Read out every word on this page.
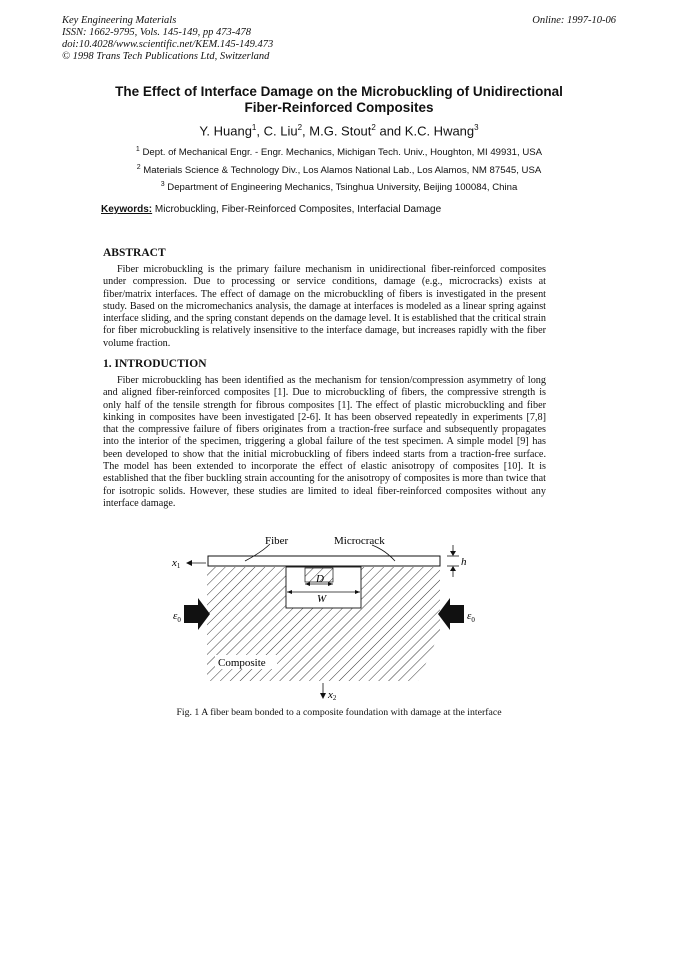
Key Engineering Materials
ISSN: 1662-9795, Vols. 145-149, pp 473-478
doi:10.4028/www.scientific.net/KEM.145-149.473
© 1998 Trans Tech Publications Ltd, Switzerland
Online: 1997-10-06
The Effect of Interface Damage on the Microbuckling of Unidirectional
Fiber-Reinforced Composites
Y. Huang$^1$, C. Liu$^2$, M.G. Stout$^2$ and K.C. Hwang$^3$
$^1$ Dept. of Mechanical Engr. - Engr. Mechanics, Michigan Tech. Univ., Houghton, MI 49931, USA
$^2$ Materials Science & Technology Div., Los Alamos National Lab., Los Alamos, NM 87545, USA
$^3$ Department of Engineering Mechanics, Tsinghua University, Beijing 100084, China
Keywords: Microbuckling, Fiber-Reinforced Composites, Interfacial Damage
ABSTRACT

Fiber microbuckling is the primary failure mechanism in unidirectional fiber-reinforced composites under compression. Due to processing or service conditions, damage (e.g., microcracks) exists at fiber/matrix interfaces. The effect of damage on the microbuckling of fibers is investigated in the present study. Based on the micromechanics analysis, the damage at interfaces is modeled as a linear spring against interface sliding, and the spring constant depends on the damage level. It is established that the critical strain for fiber microbuckling is relatively insensitive to the interface damage, but increases rapidly with the fiber volume fraction.

1. INTRODUCTION

Fiber microbuckling has been identified as the mechanism for tension/compression asymmetry of long and aligned fiber-reinforced composites [1]. Due to microbuckling of fibers, the compressive strength is only half of the tensile strength for fibrous composites [1]. The effect of plastic microbuckling and fiber kinking in composites have been investigated [2-6]. It has been observed repeatedly in experiments [7,8] that the compressive failure of fibers originates from a traction-free surface and subsequently propagates into the interior of the specimen, triggering a global failure of the test specimen. A simple model [9] has been developed to show that the initial microbuckling of fibers indeed starts from a traction-free surface. The model has been extended to incorporate the effect of elastic anisotropy of composites [10]. It is established that the fiber buckling strain accounting for the anisotropy of composites is more than twice that for isotropic solids. However, these studies are limited to ideal fiber-reinforced composites without any interface damage.

Fiber	Microcrack
h
x1
D
W
$\varepsilon_0$	$\varepsilon_0$
Composite
x2
Fig. 1 A fiber beam bonded to a composite foundation with damage at the interface
